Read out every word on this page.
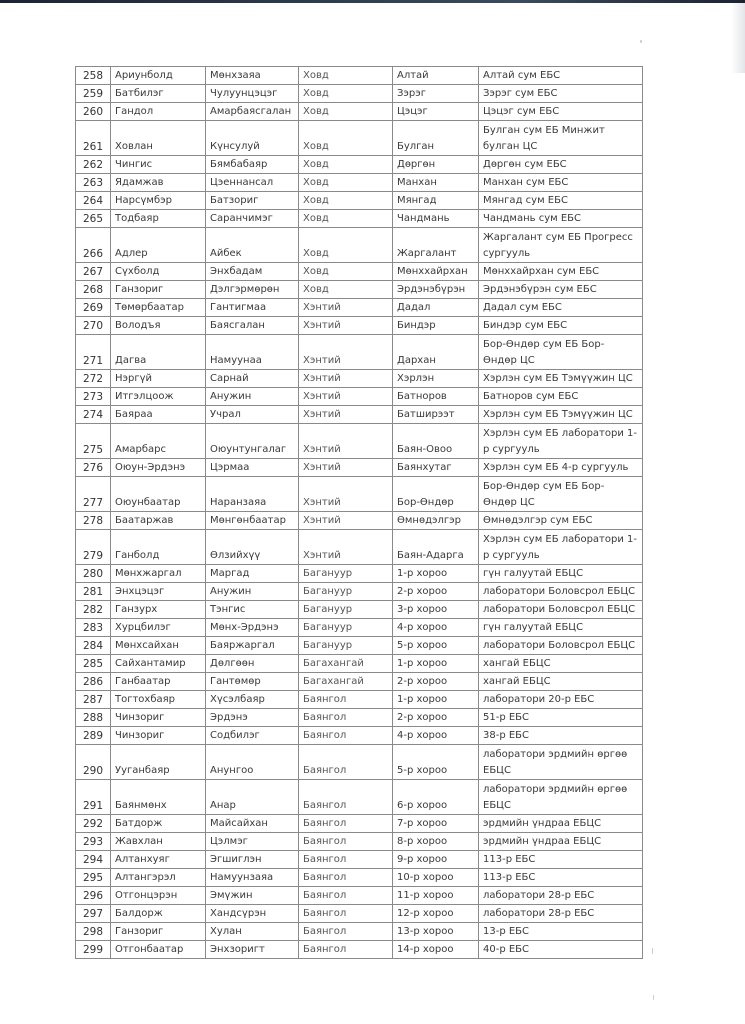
258	Ариунболд	Мөнхзаяа	Ховд	Алтай	Алтай сум ЕБС
259	Батбилэг	Чулуунцэцэг	Ховд	Зэрэг	Зэрэг сум ЕБС
260	Гандол	Амарбаясгалан	Ховд	Цэцэг	Цэцэг сум ЕБС
261	Ховлан	Күнсулуй	Ховд	Булган	Булган сум ЕБ Минжит булган ЦС
262	Чингис	Бямбабаяр	Ховд	Дөргөн	Дөргөн сум ЕБС
263	Ядамжав	Цэеннансал	Ховд	Манхан	Манхан сум ЕБС
264	Нарсүмбэр	Батзориг	Ховд	Мянгад	Мянгад сум ЕБС
265	Тодбаяр	Саранчимэг	Ховд	Чандмань	Чандмань сум ЕБС
266	Адлер	Айбек	Ховд	Жаргалант	Жаргалант сум ЕБ Прогресс сургууль
267	Сүхболд	Энхбадам	Ховд	Мөнххайрхан	Мөнххайрхан сум ЕБС
268	Ганзориг	Дэлгэрмөрөн	Ховд	Эрдэнэбүрэн	Эрдэнэбүрэн сум ЕБС
269	Төмөрбаатар	Гантигмаа	Хэнтий	Дадал	Дадал сум ЕБС
270	Володъя	Баясгалан	Хэнтий	Биндэр	Биндэр сум ЕБС
271	Дагва	Намуунаа	Хэнтий	Дархан	Бор-Өндөр сум ЕБ Бор-Өндөр ЦС
272	Нэргүй	Сарнай	Хэнтий	Хэрлэн	Хэрлэн сум ЕБ Тэмүүжин ЦС
273	Итгэлцоож	Анужин	Хэнтий	Батноров	Батноров сум ЕБС
274	Баяраа	Учрал	Хэнтий	Батширээт	Хэрлэн сум ЕБ Тэмүүжин ЦС
275	Амарбарс	Оюунтунгалаг	Хэнтий	Баян-Овоо	Хэрлэн сум ЕБ лаборатори 1-р сургууль
276	Оюун-Эрдэнэ	Цэрмаа	Хэнтий	Баянхутаг	Хэрлэн сум ЕБ 4-р сургууль
277	Оюунбаатар	Наранзаяа	Хэнтий	Бор-Өндөр	Бор-Өндөр сум ЕБ Бор-Өндөр ЦС
278	Баатаржав	Мөнгөнбаатар	Хэнтий	Өмнөдэлгэр	Өмнөдэлгэр сум ЕБС
279	Ганболд	Өлзийхүү	Хэнтий	Баян-Адарга	Хэрлэн сум ЕБ лаборатори 1-р сургууль
280	Мөнхжаргал	Маргад	Багануур	1-р хороо	гүн галуутай ЕБЦС
281	Энхцэцэг	Анужин	Багануур	2-р хороо	лаборатори Боловсрол ЕБЦС
282	Ганзурх	Тэнгис	Багануур	3-р хороо	лаборатори Боловсрол ЕБЦС
283	Хурцбилэг	Мөнх-Эрдэнэ	Багануур	4-р хороо	гүн галуутай ЕБЦС
284	Мөнхсайхан	Баяржаргал	Багануур	5-р хороо	лаборатори Боловсрол ЕБЦС
285	Сайхантамир	Дөлгөөн	Багахангай	1-р хороо	хангай ЕБЦС
286	Ганбаатар	Гантөмөр	Багахангай	2-р хороо	хангай ЕБЦС
287	Тогтохбаяр	Хүсэлбаяр	Баянгол	1-р хороо	лаборатори 20-р ЕБС
288	Чинзориг	Эрдэнэ	Баянгол	2-р хороо	51-р ЕБС
289	Чинзориг	Содбилэг	Баянгол	4-р хороо	38-р ЕБС
290	Ууганбаяр	Анунгоо	Баянгол	5-р хороо	лаборатори эрдмийн өргөө ЕБЦС
291	Баянмөнх	Анар	Баянгол	6-р хороо	лаборатори эрдмийн өргөө ЕБЦС
292	Батдорж	Майсайхан	Баянгол	7-р хороо	эрдмийн үндраа ЕБЦС
293	Жавхлан	Цэлмэг	Баянгол	8-р хороо	эрдмийн үндраа ЕБЦС
294	Алтанхуяг	Эгшиглэн	Баянгол	9-р хороо	113-р ЕБС
295	Алтангэрэл	Намуунзаяа	Баянгол	10-р хороо	113-р ЕБС
296	Отгонцэрэн	Эмүжин	Баянгол	11-р хороо	лаборатори 28-р ЕБС
297	Балдорж	Хандсүрэн	Баянгол	12-р хороо	лаборатори 28-р ЕБС
298	Ганзориг	Хулан	Баянгол	13-р хороо	13-р ЕБС
299	Отгонбаатар	Энхзоригт	Баянгол	14-р хороо	40-р ЕБС
